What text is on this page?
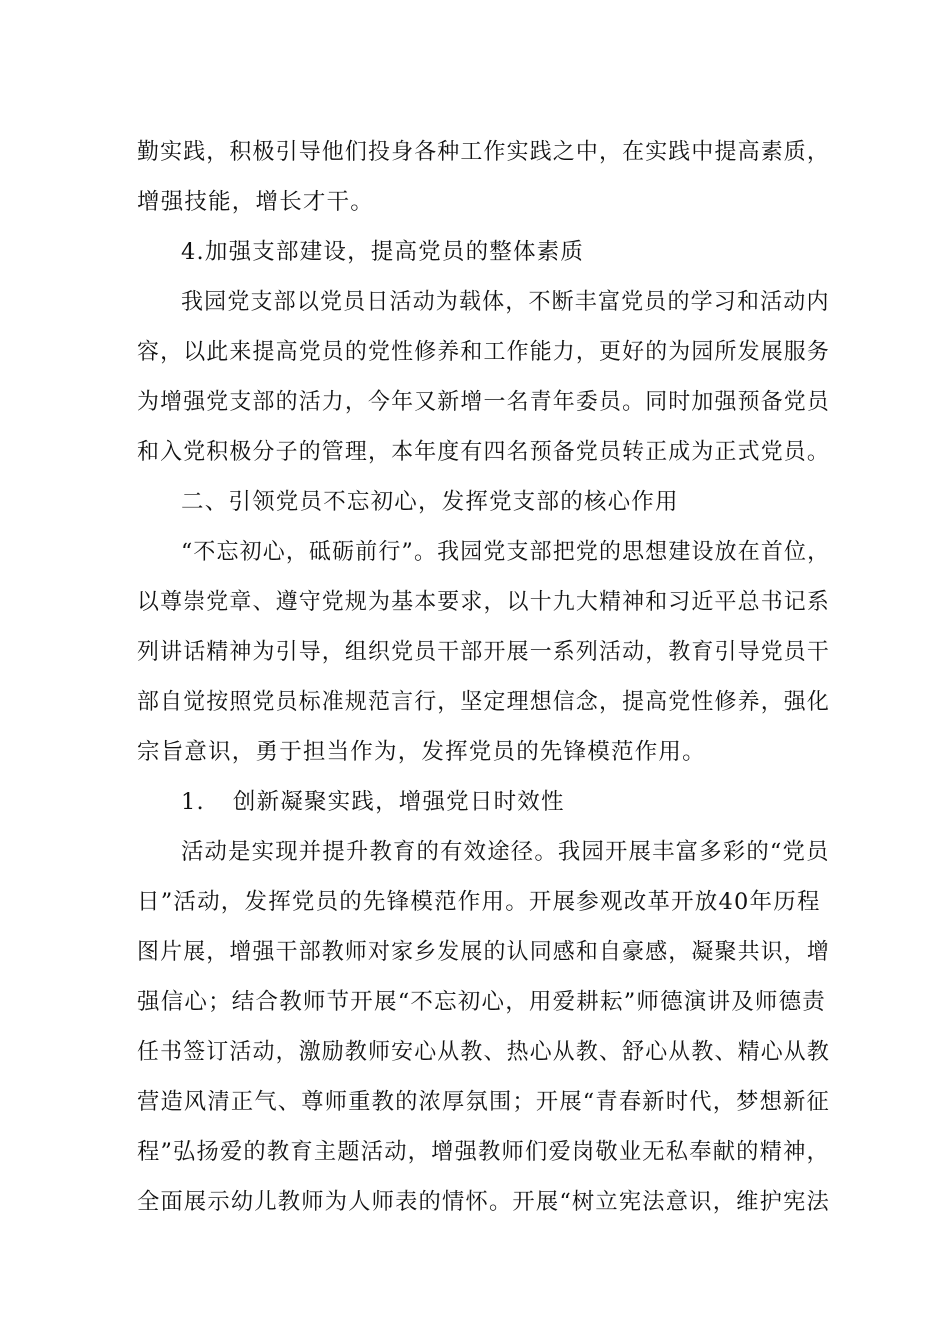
勤实践，积极引导他们投身各种工作实践之中，在实践中提高素质，
增强技能，增长才干。
4.加强支部建设，提高党员的整体素质
我园党支部以党员日活动为载体，不断丰富党员的学习和活动内
容，以此来提高党员的党性修养和工作能力，更好的为园所发展服务
为增强党支部的活力，今年又新增一名青年委员。同时加强预备党员
和入党积极分子的管理，本年度有四名预备党员转正成为正式党员。
二、引领党员不忘初心，发挥党支部的核心作用
“不忘初心，砥砺前行”。我园党支部把党的思想建设放在首位，
以尊崇党章、遵守党规为基本要求，以十九大精神和习近平总书记系
列讲话精神为引导，组织党员干部开展一系列活动，教育引导党员干
部自觉按照党员标准规范言行，坚定理想信念，提高党性修养，强化
宗旨意识，勇于担当作为，发挥党员的先锋模范作用。
1. 创新凝聚实践，增强党日时效性
活动是实现并提升教育的有效途径。我园开展丰富多彩的“党员
日”活动，发挥党员的先锋模范作用。开展参观改革开放40年历程
图片展，增强干部教师对家乡发展的认同感和自豪感，凝聚共识，增
强信心；结合教师节开展“不忘初心，用爱耕耘”师德演讲及师德责
任书签订活动，激励教师安心从教、热心从教、舒心从教、精心从教
营造风清正气、尊师重教的浓厚氛围；开展“青春新时代，梦想新征
程”弘扬爱的教育主题活动，增强教师们爱岗敬业无私奉献的精神，
全面展示幼儿教师为人师表的情怀。开展“树立宪法意识，维护宪法
